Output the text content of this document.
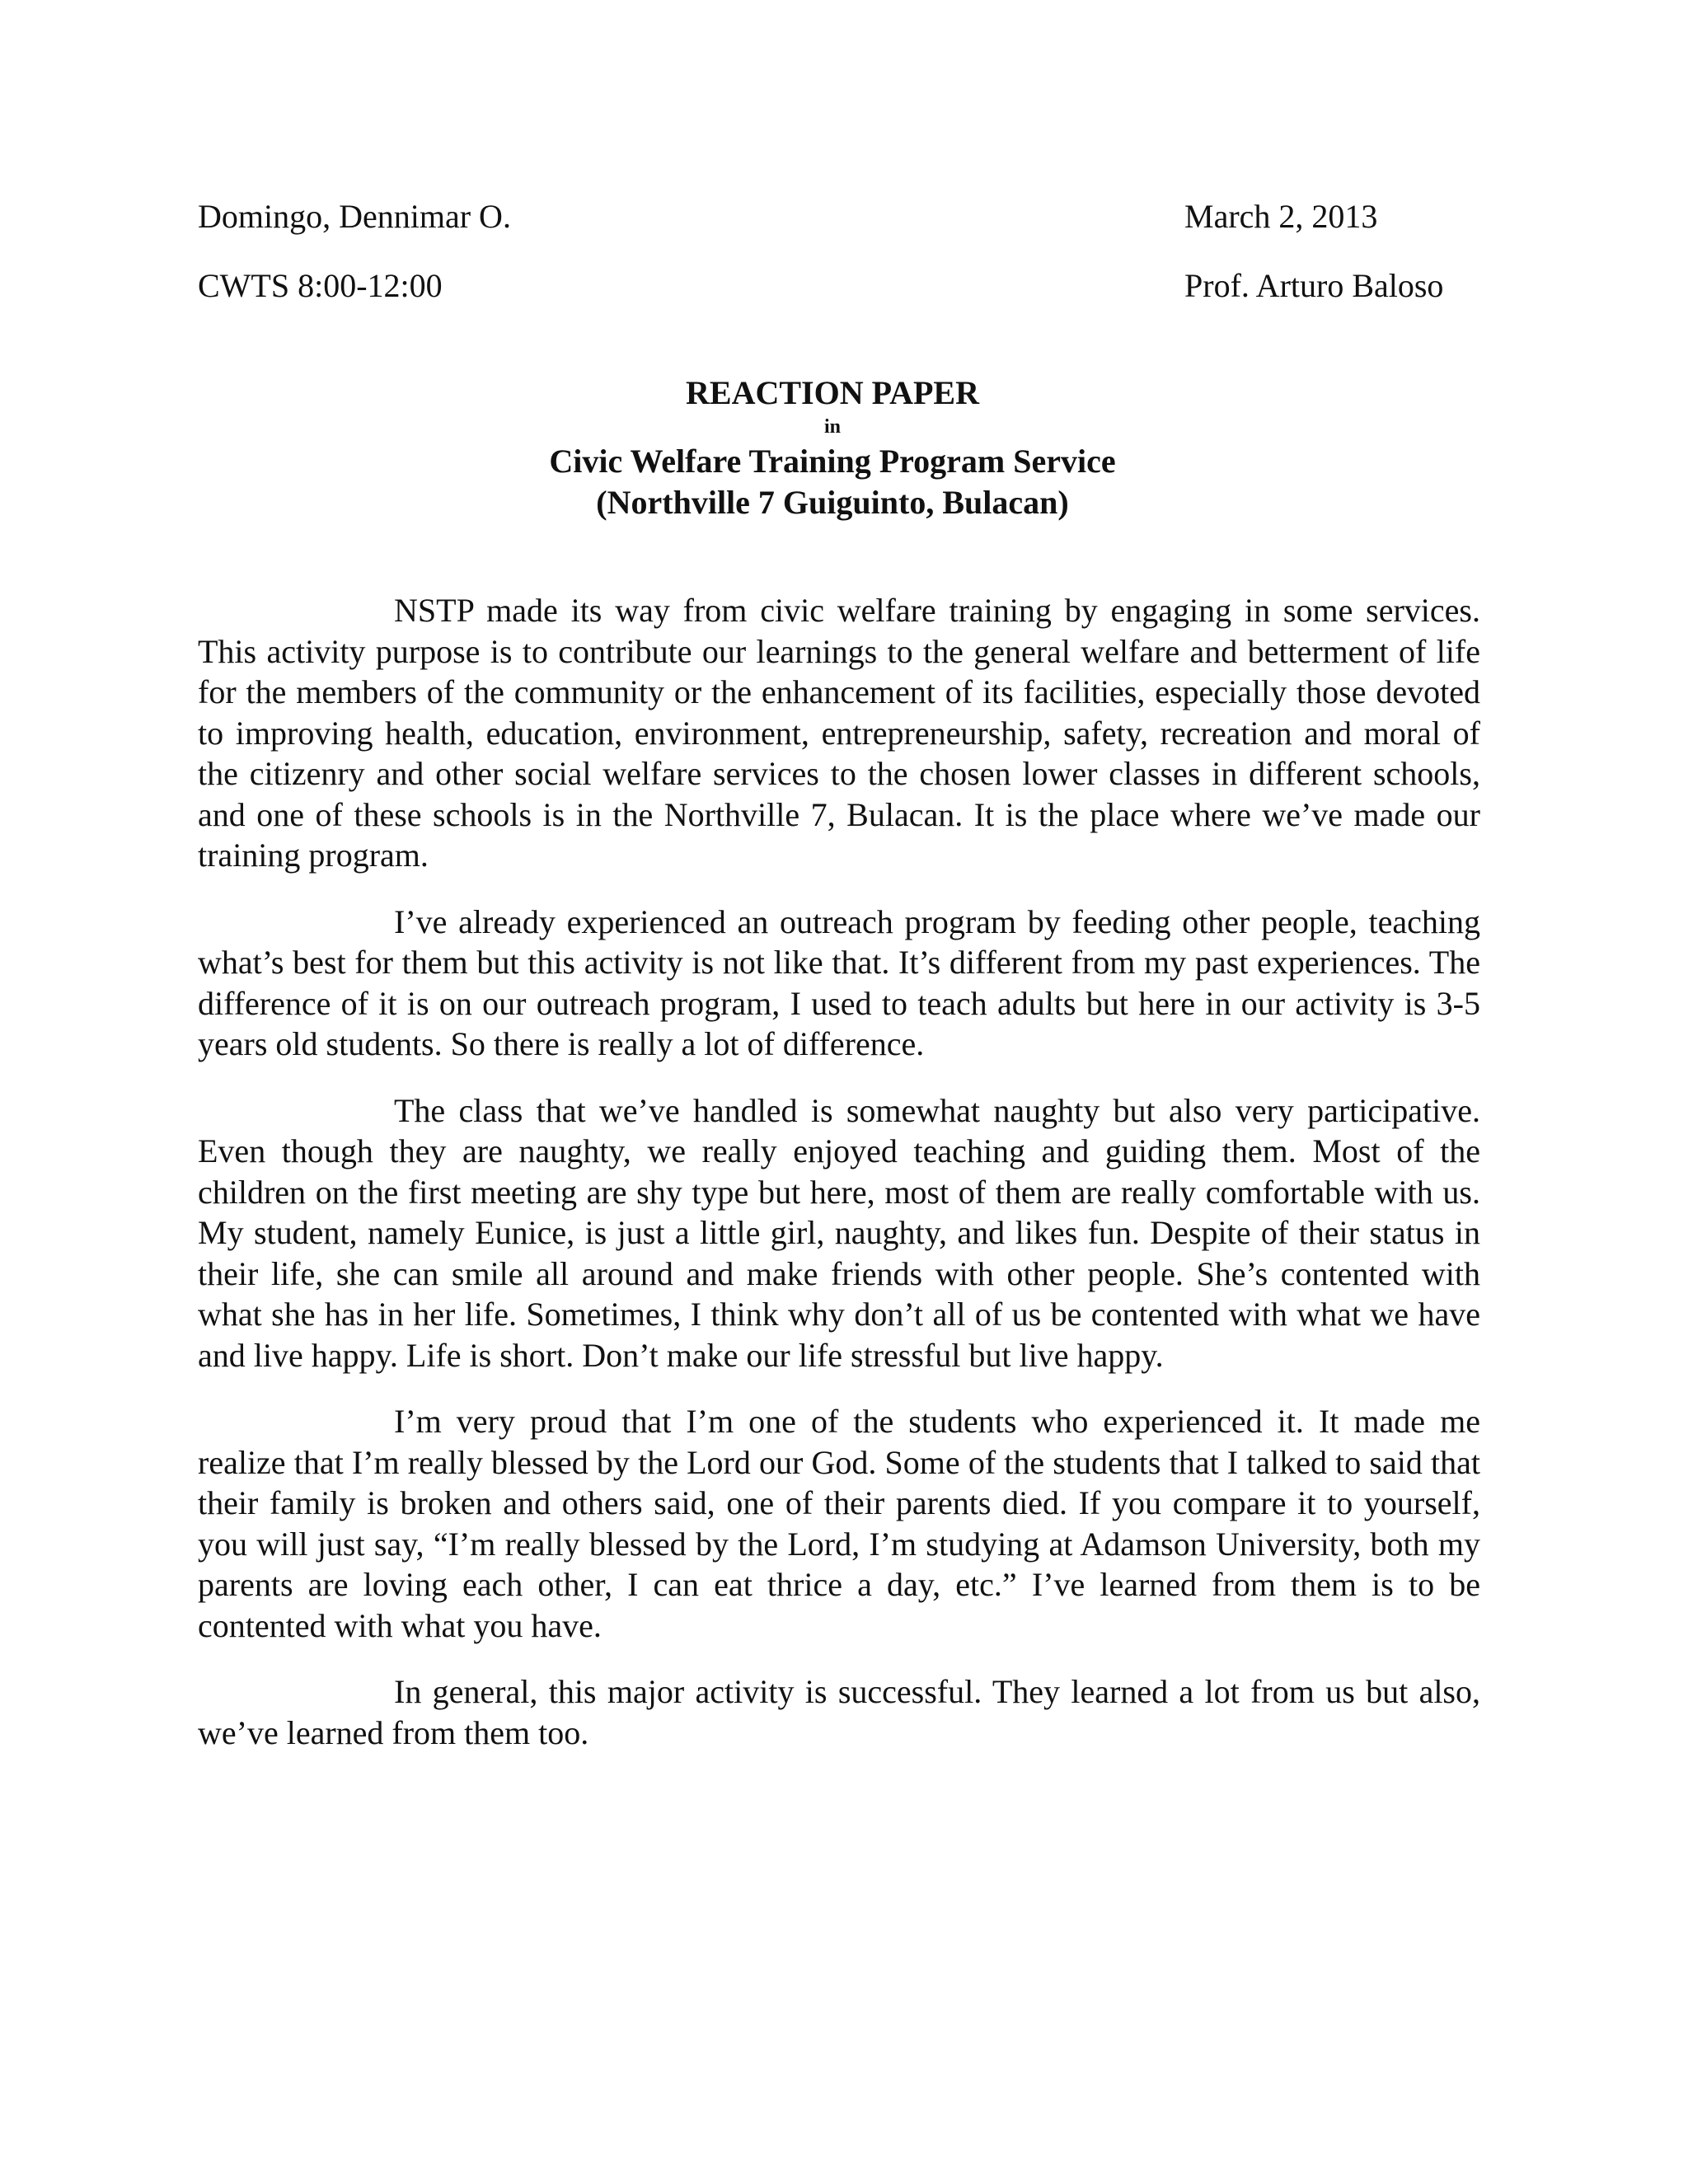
Domingo, Dennimar O.	March 2, 2013
CWTS 8:00-12:00	Prof. Arturo Baloso
REACTION PAPER
in
Civic Welfare Training Program Service
(Northville 7 Guiguinto, Bulacan)

NSTP made its way from civic welfare training by engaging in some services. This activity purpose is to contribute our learnings to the general welfare and betterment of life for the members of the community or the enhancement of its facilities, especially those devoted to improving health, education, environment, entrepreneurship, safety, recreation and moral of the citizenry and other social welfare services to the chosen lower classes in different schools, and one of these schools is in the Northville 7, Bulacan. It is the place where we’ve made our training program.

I’ve already experienced an outreach program by feeding other people, teaching what’s best for them but this activity is not like that. It’s different from my past experiences. The difference of it is on our outreach program, I used to teach adults but here in our activity is 3-5 years old students. So there is really a lot of difference.

The class that we’ve handled is somewhat naughty but also very participative. Even though they are naughty, we really enjoyed teaching and guiding them. Most of the children on the first meeting are shy type but here, most of them are really comfortable with us. My student, namely Eunice, is just a little girl, naughty, and likes fun. Despite of their status in their life, she can smile all around and make friends with other people. She’s contented with what she has in her life. Sometimes, I think why don’t all of us be contented with what we have and live happy. Life is short. Don’t make our life stressful but live happy.

I’m very proud that I’m one of the students who experienced it. It made me realize that I’m really blessed by the Lord our God. Some of the students that I talked to said that their family is broken and others said, one of their parents died. If you compare it to yourself, you will just say, “I’m really blessed by the Lord, I’m studying at Adamson University, both my parents are loving each other, I can eat thrice a day, etc.” I’ve learned from them is to be contented with what you have.

In general, this major activity is successful. They learned a lot from us but also, we’ve learned from them too.
